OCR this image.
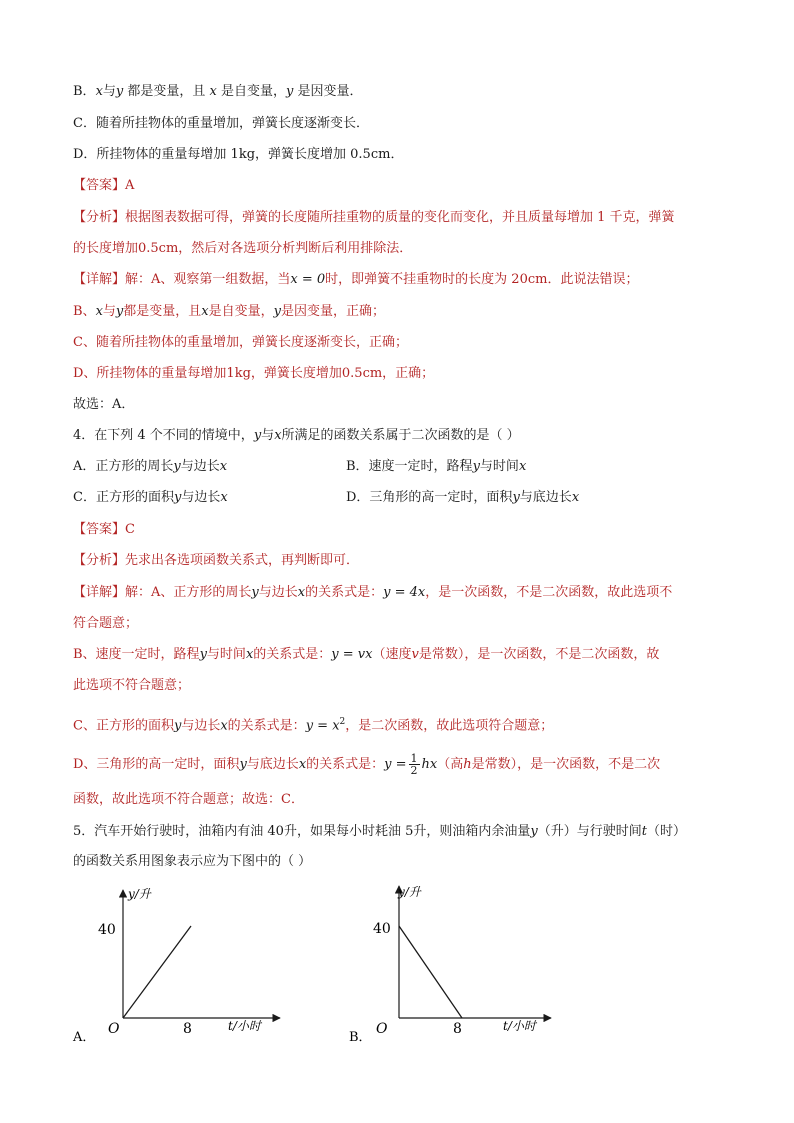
B．x与y 都是变量，且 x 是自变量，y 是因变量．
C．随着所挂物体的重量增加，弹簧长度逐渐变长．
D．所挂物体的重量每增加 1kg，弹簧长度增加 0.5cm．
【答案】A
【分析】根据图表数据可得，弹簧的长度随所挂重物的质量的变化而变化，并且质量每增加 1 千克，弹簧
的长度增加0.5cm，然后对各选项分析判断后利用排除法．
【详解】解：A、观察第一组数据，当x = 0时，即弹簧不挂重物时的长度为 20cm．此说法错误；
B、x与y都是变量，且x是自变量，y是因变量，正确；
C、随着所挂物体的重量增加，弹簧长度逐渐变长，正确；
D、所挂物体的重量每增加1kg，弹簧长度增加0.5cm，正确；
故选：A．
4．在下列 4 个不同的情境中，y与x所满足的函数关系属于二次函数的是（ ）
A．正方形的周长y与边长x	B．速度一定时，路程y与时间x
C．正方形的面积y与边长x	D．三角形的高一定时，面积y与底边长x
【答案】C
【分析】先求出各选项函数关系式，再判断即可．
【详解】解：A、正方形的周长y与边长x的关系式是：y = 4x，是一次函数，不是二次函数，故此选项不
符合题意；
B、速度一定时，路程y与时间x的关系式是：y = vx（速度v是常数），是一次函数，不是二次函数，故
此选项不符合题意；
C、正方形的面积y与边长x的关系式是：$y = x^2$，是二次函数，故此选项符合题意；
D、三角形的高一定时，面积y与底边长x的关系式是：$y = \frac{1}{2} hx$（高h是常数），是一次函数，不是二次
函数，故此选项不符合题意；故选：C．
5．汽车开始行驶时，油箱内有油 40升，如果每小时耗油 5升，则油箱内余油量y（升）与行驶时间t（时）
的函数关系用图象表示应为下图中的（ ）
y/升
40
O	8	t/小时
A．
y/升
40
O	8	t/小时
B．
